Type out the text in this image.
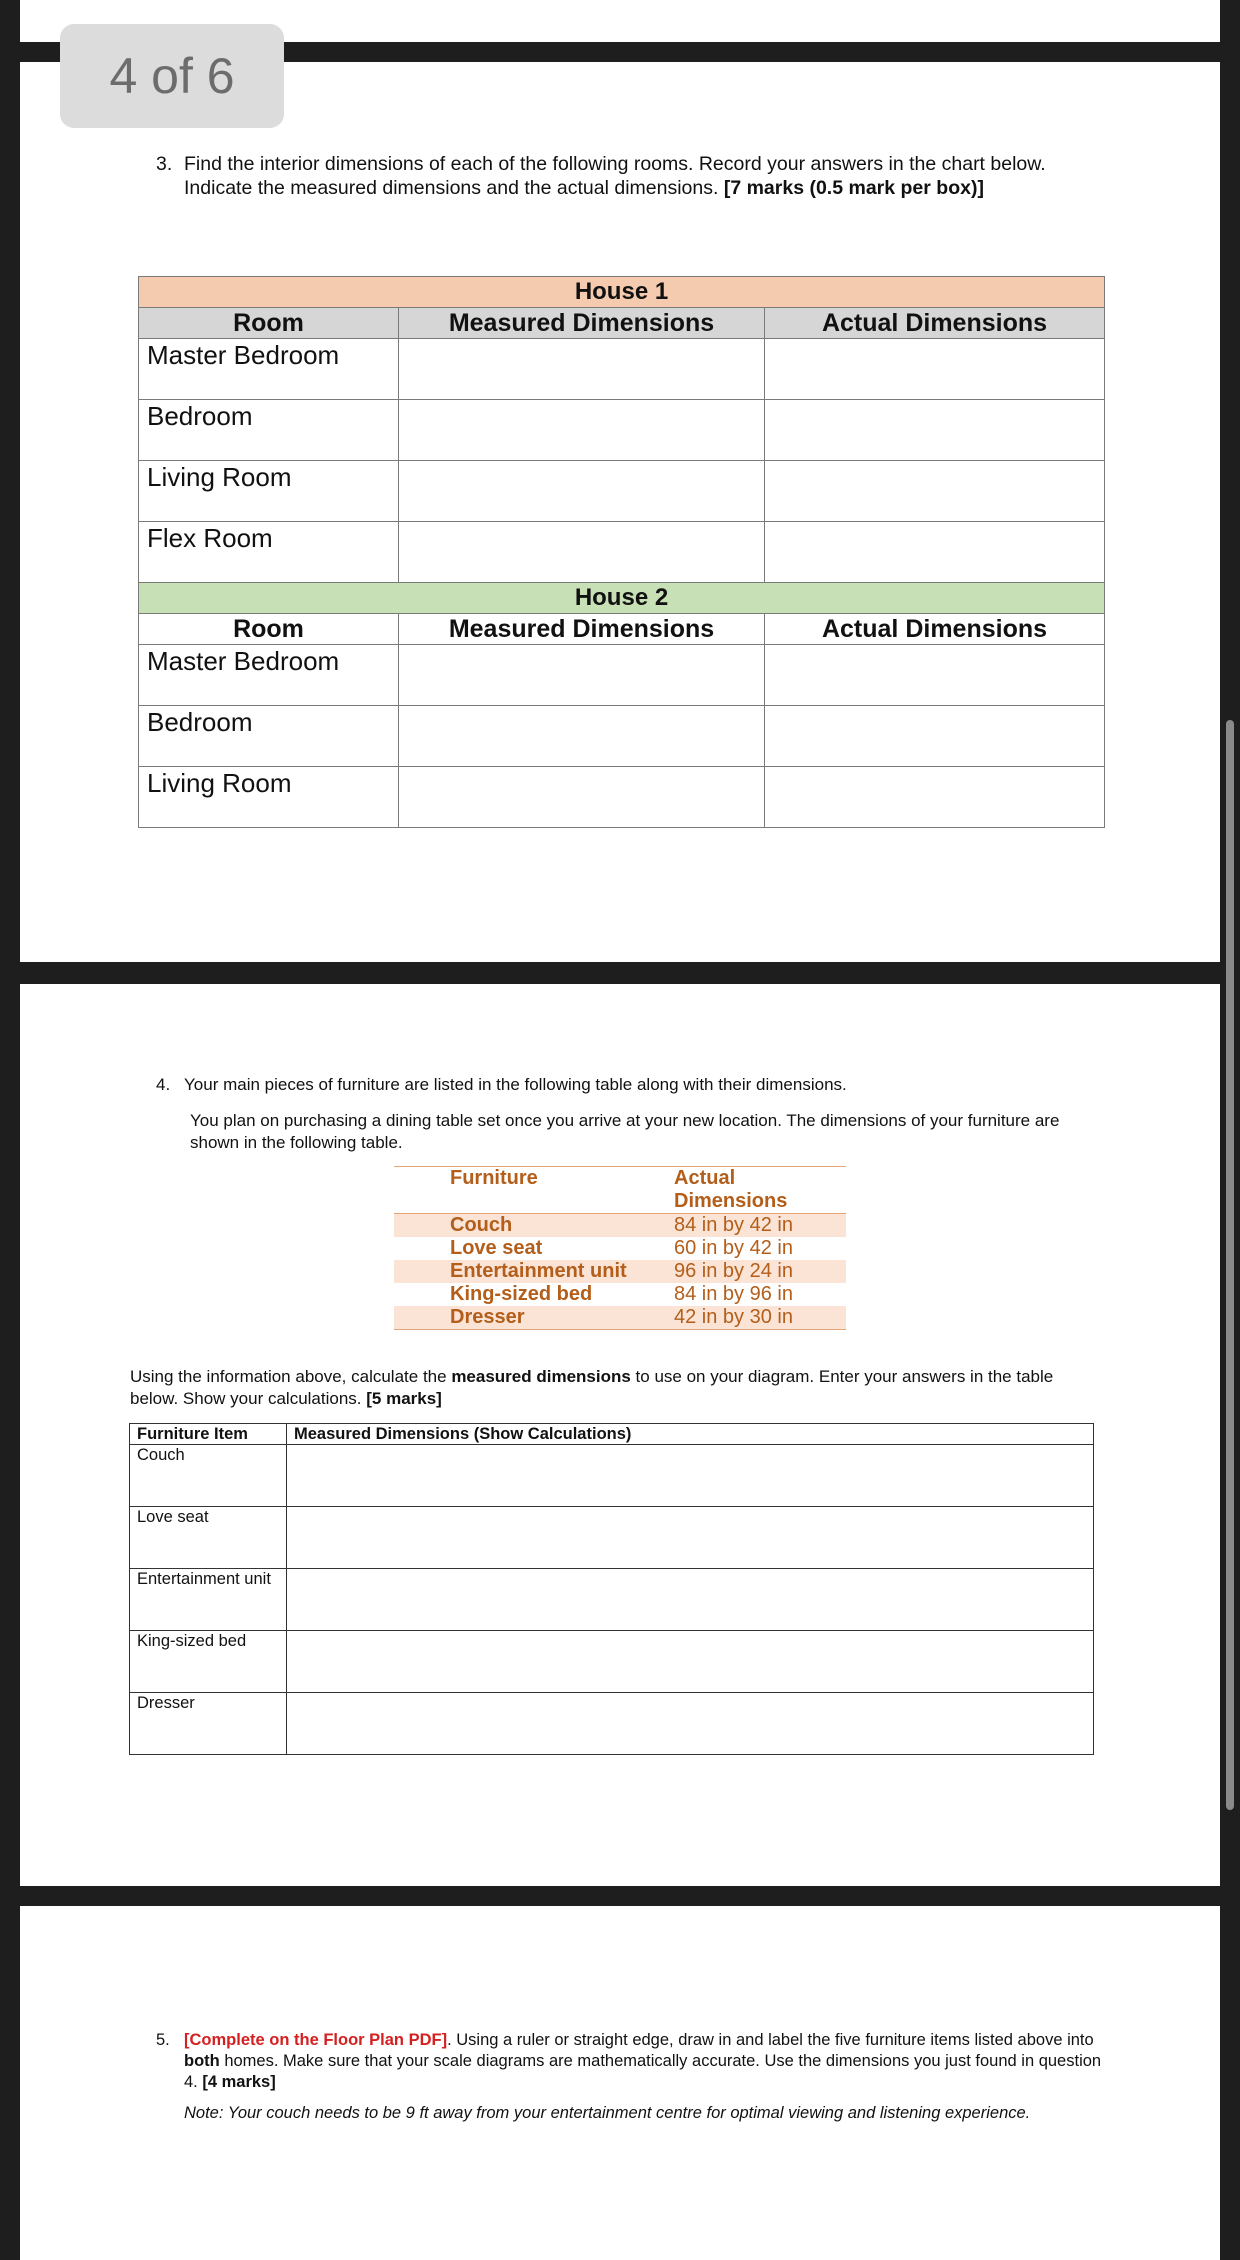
4 of 6
3. Find the interior dimensions of each of the following rooms. Record your answers in the chart below. Indicate the measured dimensions and the actual dimensions. [7 marks (0.5 mark per box)]
House 1		
Room	Measured Dimensions	Actual Dimensions
Master Bedroom		
Bedroom		
Living Room		
Flex Room		
House 2		
Room	Measured Dimensions	Actual Dimensions
Master Bedroom		
Bedroom		
Living Room		
4. Your main pieces of furniture are listed in the following table along with their dimensions.
You plan on purchasing a dining table set once you arrive at your new location. The dimensions of your furniture are shown in the following table.
Furniture	Actual Dimensions
Couch	84 in by 42 in
Love seat	60 in by 42 in
Entertainment unit	96 in by 24 in
King-sized bed	84 in by 96 in
Dresser	42 in by 30 in
Using the information above, calculate the measured dimensions to use on your diagram. Enter your answers in the table below. Show your calculations. [5 marks]
Furniture Item	Measured Dimensions (Show Calculations)
Couch	
Love seat	
Entertainment unit	
King-sized bed	
Dresser	
5. [Complete on the Floor Plan PDF]. Using a ruler or straight edge, draw in and label the five furniture items listed above into both homes. Make sure that your scale diagrams are mathematically accurate. Use the dimensions you just found in question 4. [4 marks]
Note: Your couch needs to be 9 ft away from your entertainment centre for optimal viewing and listening experience.
